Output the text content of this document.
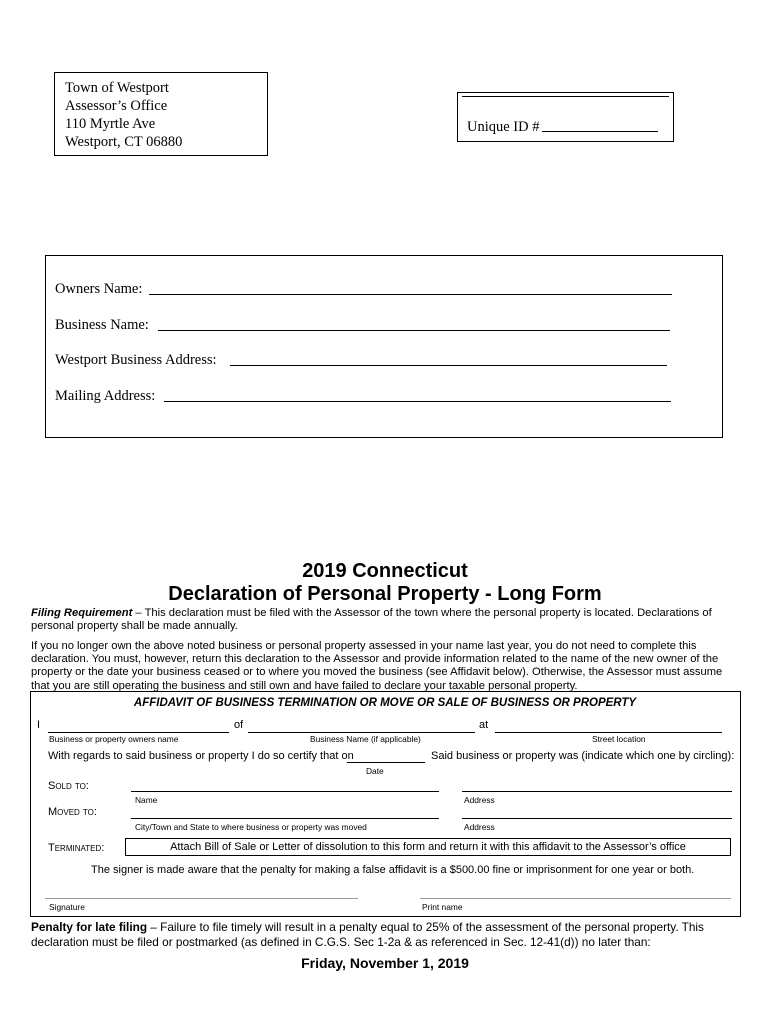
Town of Westport
Assessor’s Office
110 Myrtle Ave
Westport, CT 06880
Unique ID #
Owners Name:
Business Name:
Westport Business Address:
Mailing Address:
2019 Connecticut
Declaration of Personal Property - Long Form
Filing Requirement – This declaration must be filed with the Assessor of the town where the personal property is located. Declarations of personal property shall be made annually.
If you no longer own the above noted business or personal property assessed in your name last year, you do not need to complete this declaration. You must, however, return this declaration to the Assessor and provide information related to the name of the new owner of the property or the date your business ceased or to where you moved the business (see Affidavit below). Otherwise, the Assessor must assume that you are still operating the business and still own and have failed to declare your taxable personal property.
AFFIDAVIT OF BUSINESS TERMINATION OR MOVE OR SALE OF BUSINESS OR PROPERTY
I	of	at
Business or property owners name	Business Name (if applicable)	Street location
With regards to said business or property I do so certify that on	Said business or property was (indicate which one by circling):
Date
Sold to:
Name	Address
Moved to:
City/Town and State to where business or property was moved	Address
Terminated:	Attach Bill of Sale or Letter of dissolution to this form and return it with this affidavit to the Assessor’s office
The signer is made aware that the penalty for making a false affidavit is a $500.00 fine or imprisonment for one year or both.
Signature	Print name
Penalty for late filing – Failure to file timely will result in a penalty equal to 25% of the assessment of the personal property. This declaration must be filed or postmarked (as defined in C.G.S. Sec 1-2a & as referenced in Sec. 12-41(d)) no later than:
Friday, November 1, 2019
